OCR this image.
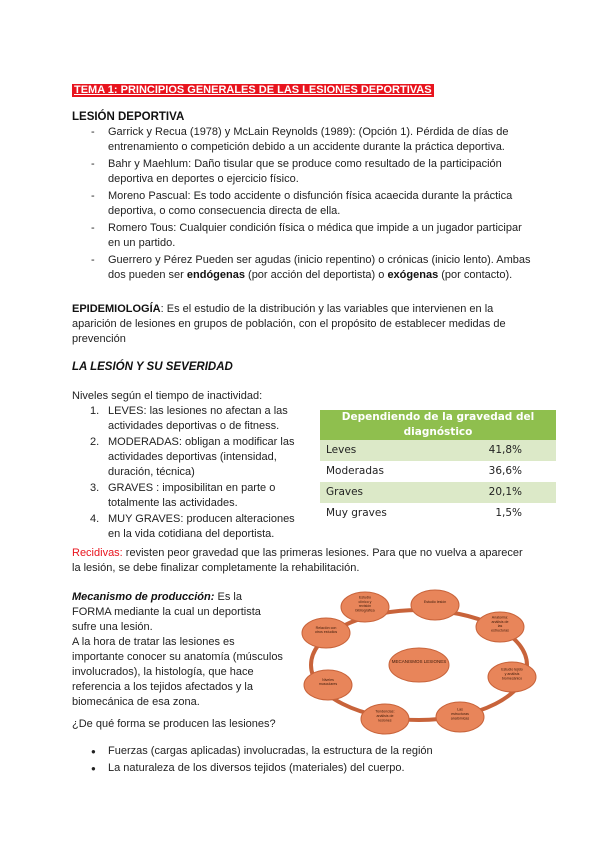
TEMA 1: PRINCIPIOS GENERALES DE LAS LESIONES DEPORTIVAS
LESIÓN DEPORTIVA
- Garrick y Recua (1978) y McLain Reynolds (1989): (Opción 1). Pérdida de días de entrenamiento o competición debido a un accidente durante la práctica deportiva.
- Bahr y Maehlum: Daño tisular que se produce como resultado de la participación deportiva en deportes o ejercicio físico.
- Moreno Pascual: Es todo accidente o disfunción física acaecida durante la práctica deportiva, o como consecuencia directa de ella.
- Romero Tous: Cualquier condición física o médica que impide a un jugador participar en un partido.
- Guerrero y Pérez Pueden ser agudas (inicio repentino) o crónicas (inicio lento). Ambas dos pueden ser endógenas (por acción del deportista) o exógenas (por contacto).
EPIDEMIOLOGÍA: Es el estudio de la distribución y las variables que intervienen en la aparición de lesiones en grupos de población, con el propósito de establecer medidas de prevención
LA LESIÓN Y SU SEVERIDAD
Niveles según el tiempo de inactividad:
1. LEVES: las lesiones no afectan a las actividades deportivas o de fitness.
2. MODERADAS: obligan a modificar las actividades deportivas (intensidad, duración, técnica)
3. GRAVES : imposibilitan en parte o totalmente las actividades.
4. MUY GRAVES: producen alteraciones en la vida cotidiana del deportista.
Dependiendo de la gravedad del diagnóstico	
Leves	41,8%
Moderadas	36,6%
Graves	20,1%
Muy graves	1,5%
Recidivas: revisten peor gravedad que las primeras lesiones. Para que no vuelva a aparecer la lesión, se debe finalizar completamente la rehabilitación.
Mecanismo de producción: Es la FORMA mediante la cual un deportista sufre una lesión.
A la hora de tratar las lesiones es importante conocer su anatomía (músculos involucrados), la histología, que hace referencia a los tejidos afectados y la biomecánica de esa zona.
MECANISMOS LESIONES
Estudio clínico y revisión bibliográfica
Estudio lesión
Anatomía: análisis de las estructuras
Estudio tejido y análisis biomecánico
Las estructuras anatómicas
Tendencias: análisis de lesiones
Niveles musculares
Relación con otros estudios
¿De qué forma se producen las lesiones?
● Fuerzas (cargas aplicadas) involucradas, la estructura de la región
● La naturaleza de los diversos tejidos (materiales) del cuerpo.
